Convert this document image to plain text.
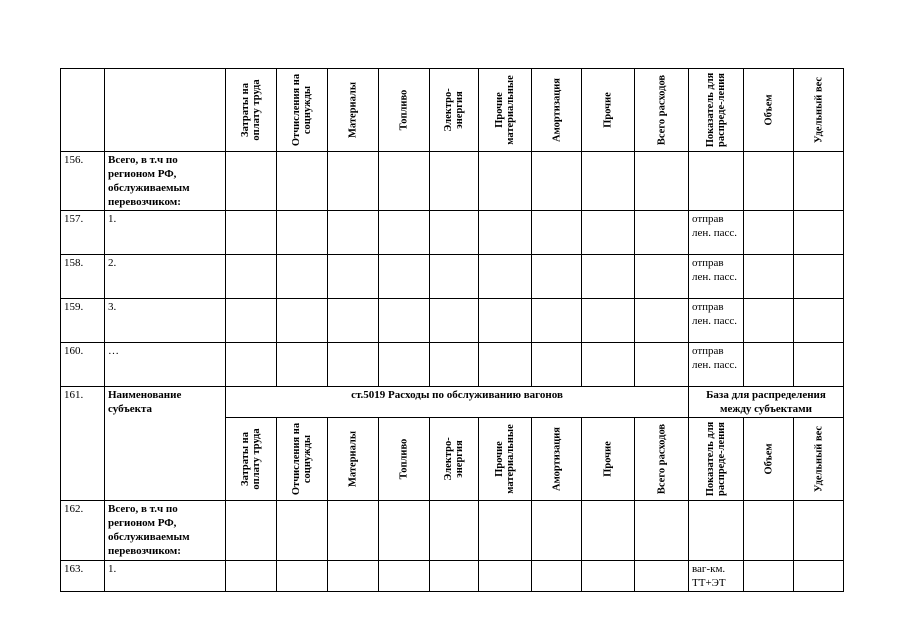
		Затраты на оплату труда	Отчисления на соцнужды	Материалы	Топливо	Электро-энергия	Прочие материальные	Амортизация	Прочие	Всего расходов	Показатель для распреде-ления	Объем	Удельный вес

156.	Всего, в т.ч по регионом РФ, обслуживаемым перевозчиком:												
157.	1.										отправ лен. пасс.		
158.	2.										отправ лен. пасс.		
159.	3.										отправ лен. пасс.		
160.	…										отправ лен. пасс.		
161.	Наименование субъекта	ст.5019 Расходы по обслуживанию вагонов									База для распределения между субъектами		

		Затраты на оплату труда	Отчисления на соцнужды	Материалы	Топливо	Электро-энергия	Прочие материальные	Амортизация	Прочие	Всего расходов	Показатель для распреде-ления	Объем	Удельный вес

162.	Всего, в т.ч по регионом РФ, обслуживаемым перевозчиком:												
163.	1.										ваг-км. ТТ+ЭТ		
